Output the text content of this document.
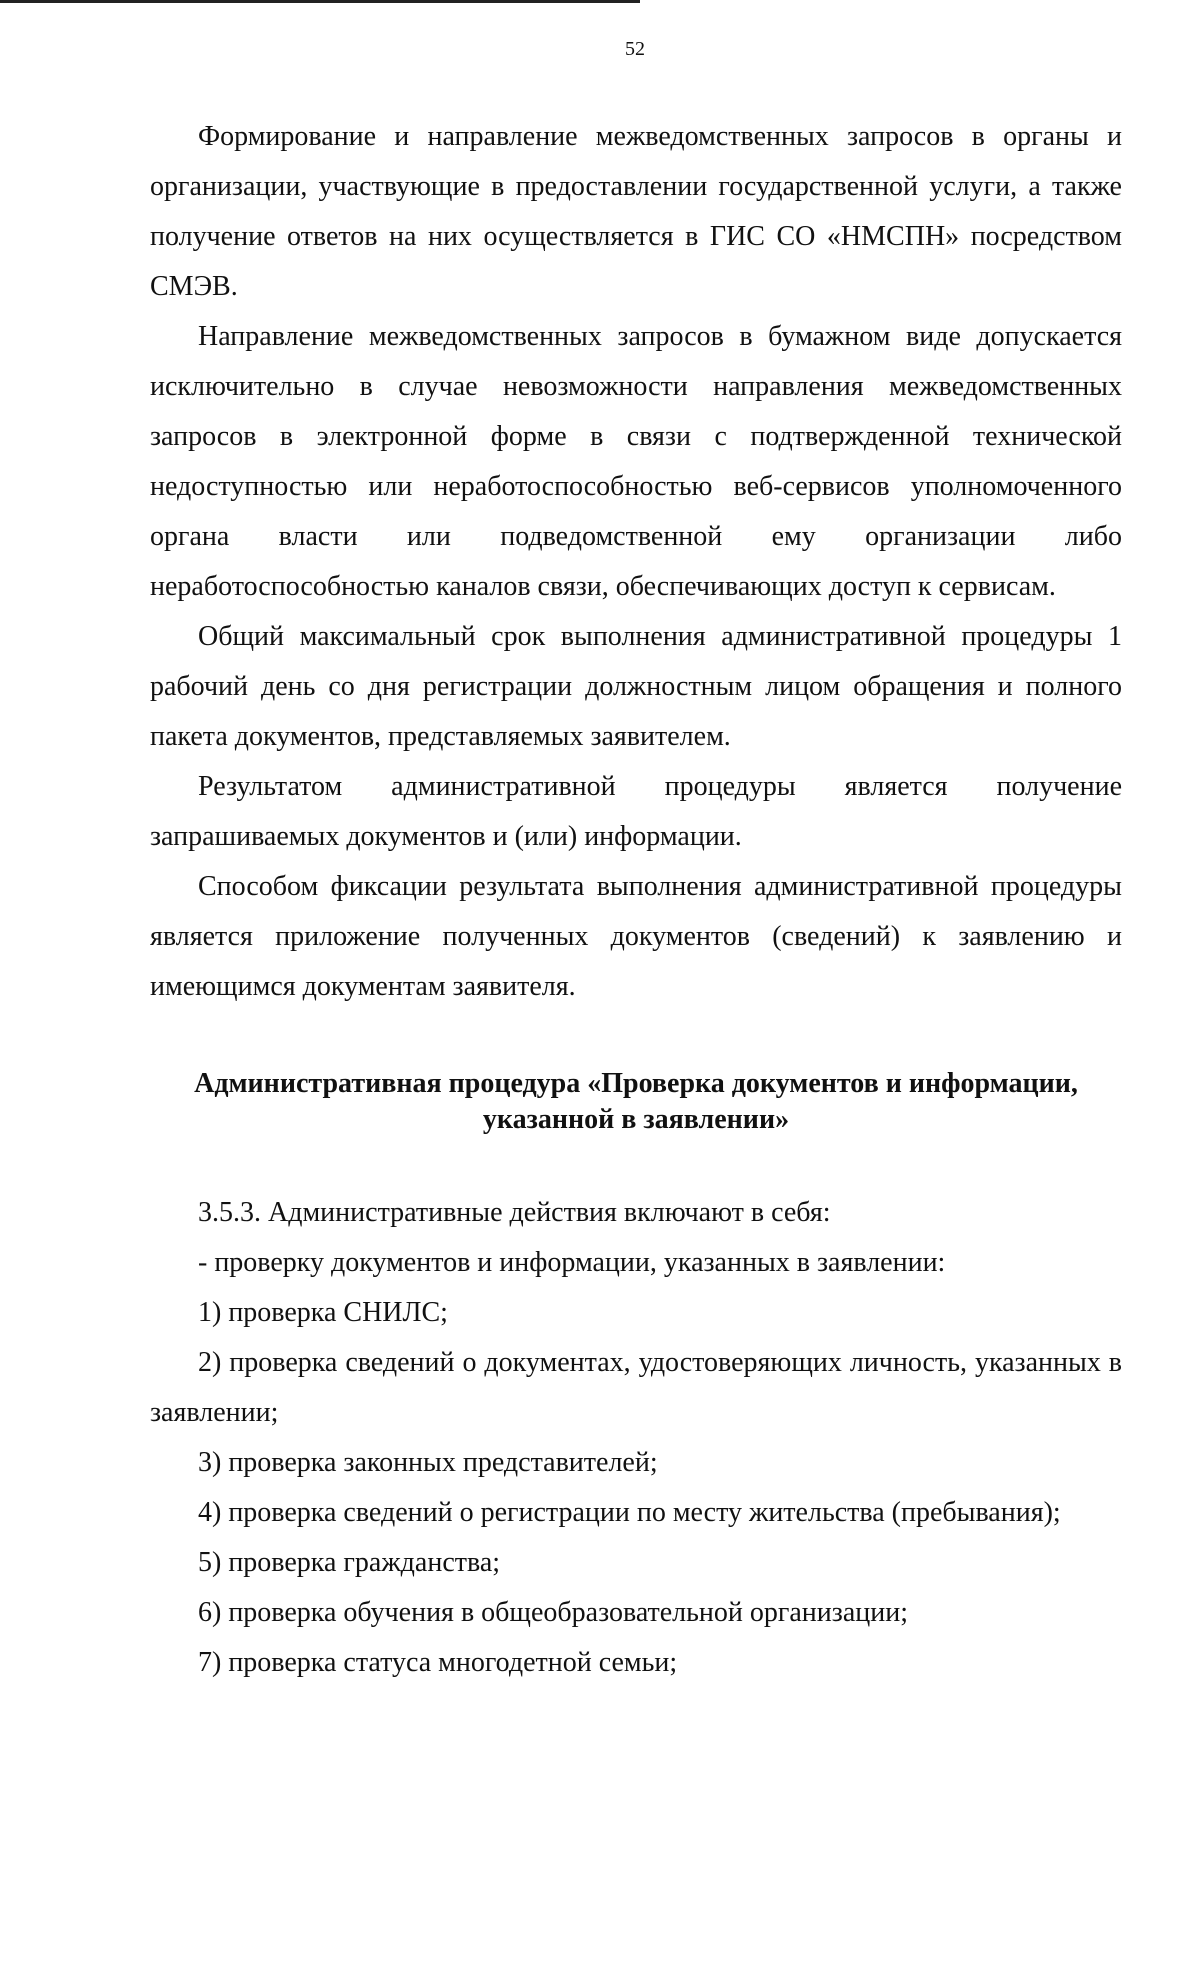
52

Формирование и направление межведомственных запросов в органы и организации, участвующие в предоставлении государственной услуги, а также получение ответов на них осуществляется в ГИС СО «НМСПН» посредством СМЭВ.

Направление межведомственных запросов в бумажном виде допускается исключительно в случае невозможности направления межведомственных запросов в электронной форме в связи с подтвержденной технической недоступностью или неработоспособностью веб-сервисов уполномоченного органа власти или подведомственной ему организации либо неработоспособностью каналов связи, обеспечивающих доступ к сервисам.

Общий максимальный срок выполнения административной процедуры 1 рабочий день со дня регистрации должностным лицом обращения и полного пакета документов, представляемых заявителем.

Результатом административной процедуры является получение запрашиваемых документов и (или) информации.

Способом фиксации результата выполнения административной процедуры является приложение полученных документов (сведений) к заявлению и имеющимся документам заявителя.

Административная процедура «Проверка документов и информации,
указанной в заявлении»

3.5.3. Административные действия включают в себя:

- проверку документов и информации, указанных в заявлении:

1) проверка СНИЛС;

2) проверка сведений о документах, удостоверяющих личность, указанных в заявлении;

3) проверка законных представителей;

4) проверка сведений о регистрации по месту жительства (пребывания);

5) проверка гражданства;

6) проверка обучения в общеобразовательной организации;

7) проверка статуса многодетной семьи;
